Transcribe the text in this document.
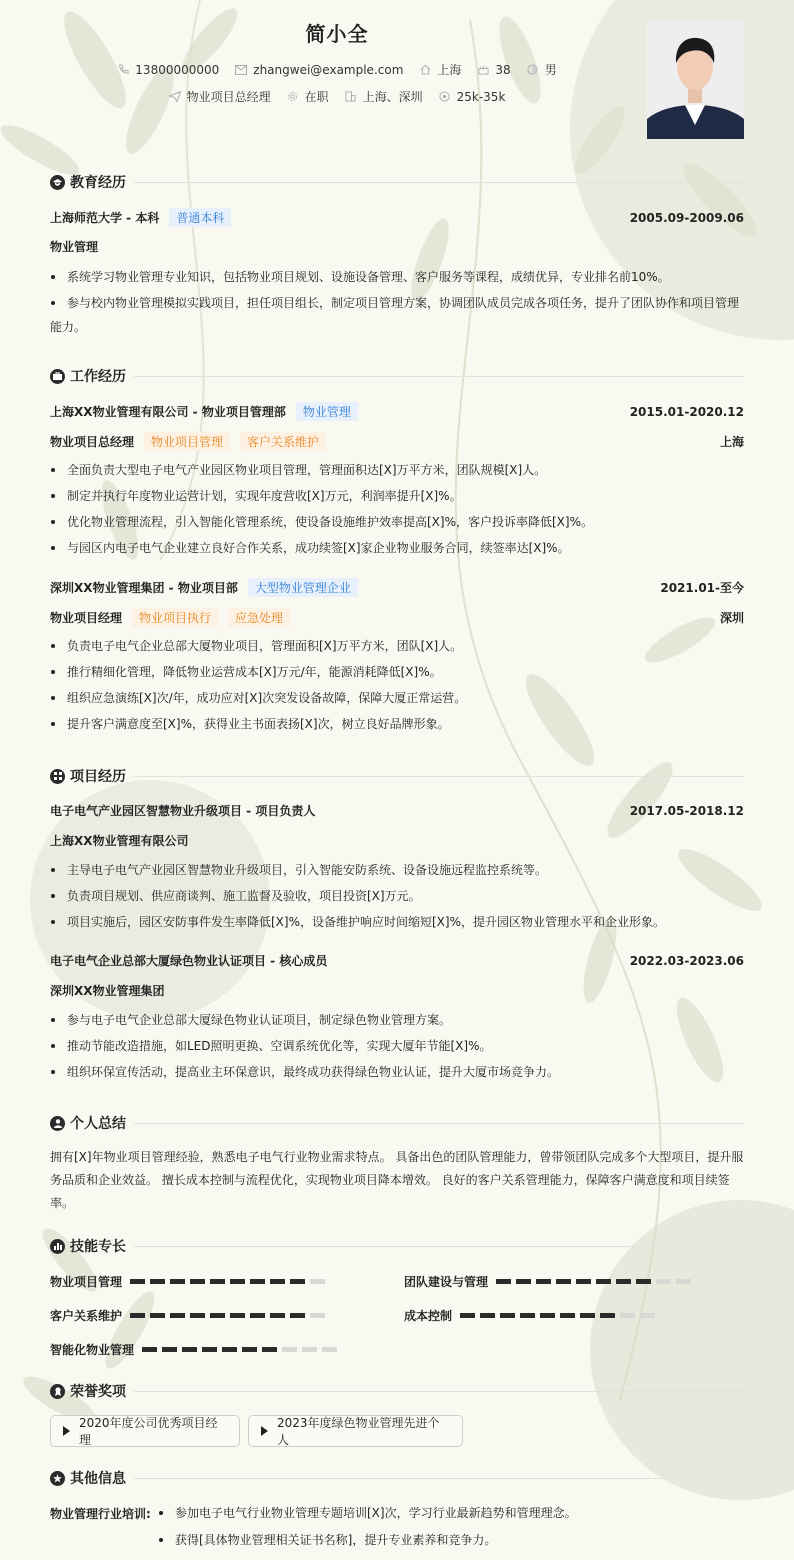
简小全
13800000000	zhangwei@example.com	上海	38	男
物业项目总经理	在职	上海、深圳	25k-35k
教育经历
上海师范大学 - 本科	普通本科	2005.09-2009.06
物业管理
系统学习物业管理专业知识，包括物业项目规划、设施设备管理、客户服务等课程，成绩优异，专业排名前10%。
参与校内物业管理模拟实践项目，担任项目组长，制定项目管理方案，协调团队成员完成各项任务，提升了团队协作和项目管理
能力。
工作经历
上海XX物业管理有限公司 - 物业项目管理部	物业管理	2015.01-2020.12
物业项目总经理	物业项目管理	客户关系维护	上海
全面负责大型电子电气产业园区物业项目管理，管理面积达[X]万平方米，团队规模[X]人。
制定并执行年度物业运营计划，实现年度营收[X]万元，利润率提升[X]%。
优化物业管理流程，引入智能化管理系统，使设备设施维护效率提高[X]%，客户投诉率降低[X]%。
与园区内电子电气企业建立良好合作关系，成功续签[X]家企业物业服务合同，续签率达[X]%。
深圳XX物业管理集团 - 物业项目部	大型物业管理企业	2021.01-至今
物业项目经理	物业项目执行	应急处理	深圳
负责电子电气企业总部大厦物业项目，管理面积[X]万平方米，团队[X]人。
推行精细化管理，降低物业运营成本[X]万元/年，能源消耗降低[X]%。
组织应急演练[X]次/年，成功应对[X]次突发设备故障，保障大厦正常运营。
提升客户满意度至[X]%，获得业主书面表扬[X]次，树立良好品牌形象。
项目经历
电子电气产业园区智慧物业升级项目 - 项目负责人	2017.05-2018.12
上海XX物业管理有限公司
主导电子电气产业园区智慧物业升级项目，引入智能安防系统、设备设施远程监控系统等。
负责项目规划、供应商谈判、施工监督及验收，项目投资[X]万元。
项目实施后，园区安防事件发生率降低[X]%，设备维护响应时间缩短[X]%，提升园区物业管理水平和企业形象。
电子电气企业总部大厦绿色物业认证项目 - 核心成员	2022.03-2023.06
深圳XX物业管理集团
参与电子电气企业总部大厦绿色物业认证项目，制定绿色物业管理方案。
推动节能改造措施，如LED照明更换、空调系统优化等，实现大厦年节能[X]%。
组织环保宣传活动，提高业主环保意识，最终成功获得绿色物业认证，提升大厦市场竞争力。
个人总结
拥有[X]年物业项目管理经验，熟悉电子电气行业物业需求特点。 具备出色的团队管理能力，曾带领团队完成多个大型项目，提升服
务品质和企业效益。 擅长成本控制与流程优化，实现物业项目降本增效。 良好的客户关系管理能力，保障客户满意度和项目续签
率。
技能专长
物业项目管理	团队建设与管理
客户关系维护	成本控制
智能化物业管理
荣誉奖项
2020年度公司优秀项目经理
2023年度绿色物业管理先进个人
其他信息
物业管理行业培训:	参加电子电气行业物业管理专题培训[X]次，学习行业最新趋势和管理理念。
获得[具体物业管理相关证书名称]，提升专业素养和竞争力。
